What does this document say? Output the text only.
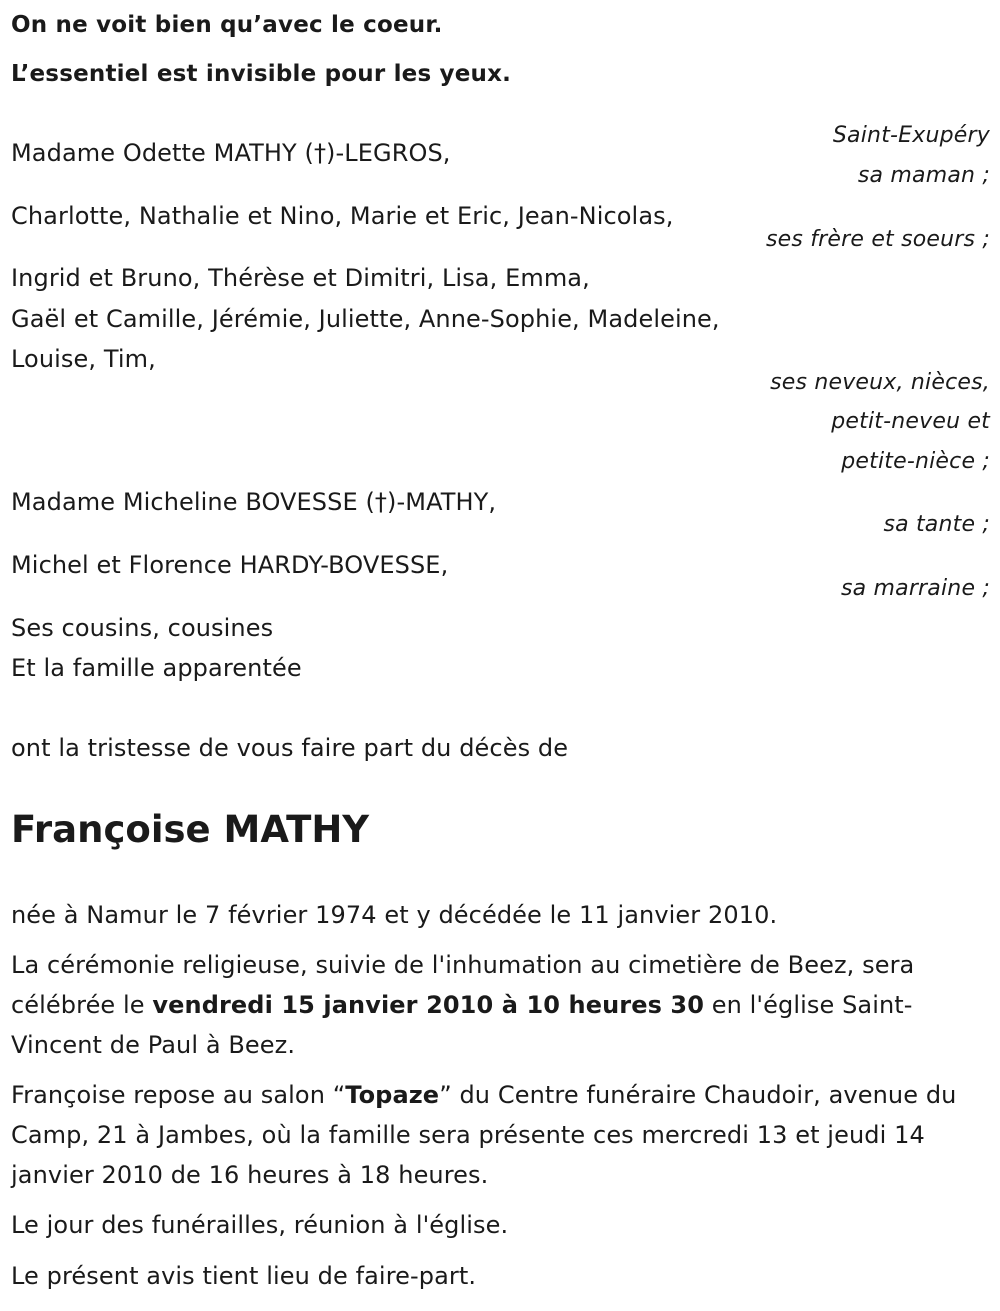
On ne voit bien qu’avec le coeur.
L’essentiel est invisible pour les yeux.
Saint-Exupéry
Madame Odette MATHY (†)-LEGROS,
sa maman ;
Charlotte, Nathalie et Nino, Marie et Eric, Jean-Nicolas,
ses frère et soeurs ;
Ingrid et Bruno, Thérèse et Dimitri, Lisa, Emma,
Gaël et Camille, Jérémie, Juliette, Anne-Sophie, Madeleine,
Louise, Tim,
ses neveux, nièces,
petit-neveu et
petite-nièce ;
Madame Micheline BOVESSE (†)-MATHY,
sa tante ;
Michel et Florence HARDY-BOVESSE,
sa marraine ;
Ses cousins, cousines
Et la famille apparentée
ont la tristesse de vous faire part du décès de
Françoise MATHY
née à Namur le 7 février 1974 et y décédée le 11 janvier 2010.
La cérémonie religieuse, suivie de l'inhumation au cimetière de Beez, sera célébrée le vendredi 15 janvier 2010 à 10 heures 30 en l'église Saint-Vincent de Paul à Beez.
Françoise repose au salon “Topaze” du Centre funéraire Chaudoir, avenue du Camp, 21 à Jambes, où la famille sera présente ces mercredi 13 et jeudi 14 janvier 2010 de 16 heures à 18 heures.
Le jour des funérailles, réunion à l'église.
Le présent avis tient lieu de faire-part.
